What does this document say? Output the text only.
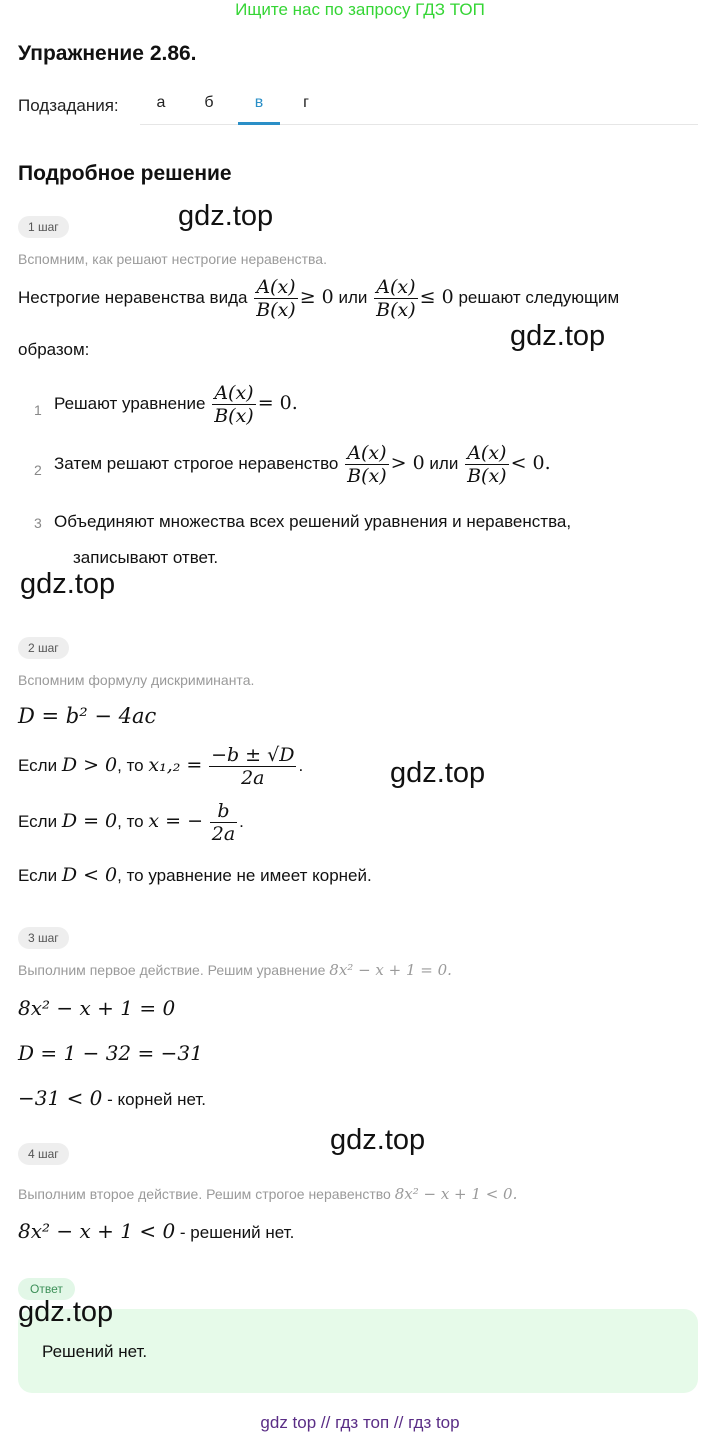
Ищите нас по запросу ГДЗ ТОП
Упражнение 2.86.
Подзадания:	а	б	в	г
Подробное решение
gdz.top
gdz.top
gdz.top
gdz.top
gdz.top
1 шаг
Вспомним, как решают нестрогие неравенства.
Нестрогие неравенства вида $\frac{A(x)}{B(x)} \ge 0$ или $\frac{A(x)}{B(x)} \le 0$ решают следующим
образом:
1 Решают уравнение $\frac{A(x)}{B(x)} = 0$.
2 Затем решают строгое неравенство $\frac{A(x)}{B(x)} > 0$ или $\frac{A(x)}{B(x)} < 0$.
3 Объединяют множества всех решений уравнения и неравенства,
записывают ответ.
2 шаг
Вспомним формулу дискриминанта.
D = b² − 4ac
Если D > 0, то $x_1,_2 = \frac{-b \pm √D}{2a}$ .
Если D = 0, то x = − $\frac{b}{2a}$ .
Если D < 0, то уравнение не имеет корней.
3 шаг
Выполним первое действие. Решим уравнение 8x² − x + 1 = 0.
8x² − x + 1 = 0
D = 1 − 32 = −31
−31 < 0 - корней нет.
4 шаг
Выполним второе действие. Решим строгое неравенство 8x² − x + 1 < 0.
8x² − x + 1 < 0 - решений нет.
Ответ
gdz.top
Решений нет.
gdz top // гдз топ // гдз top
